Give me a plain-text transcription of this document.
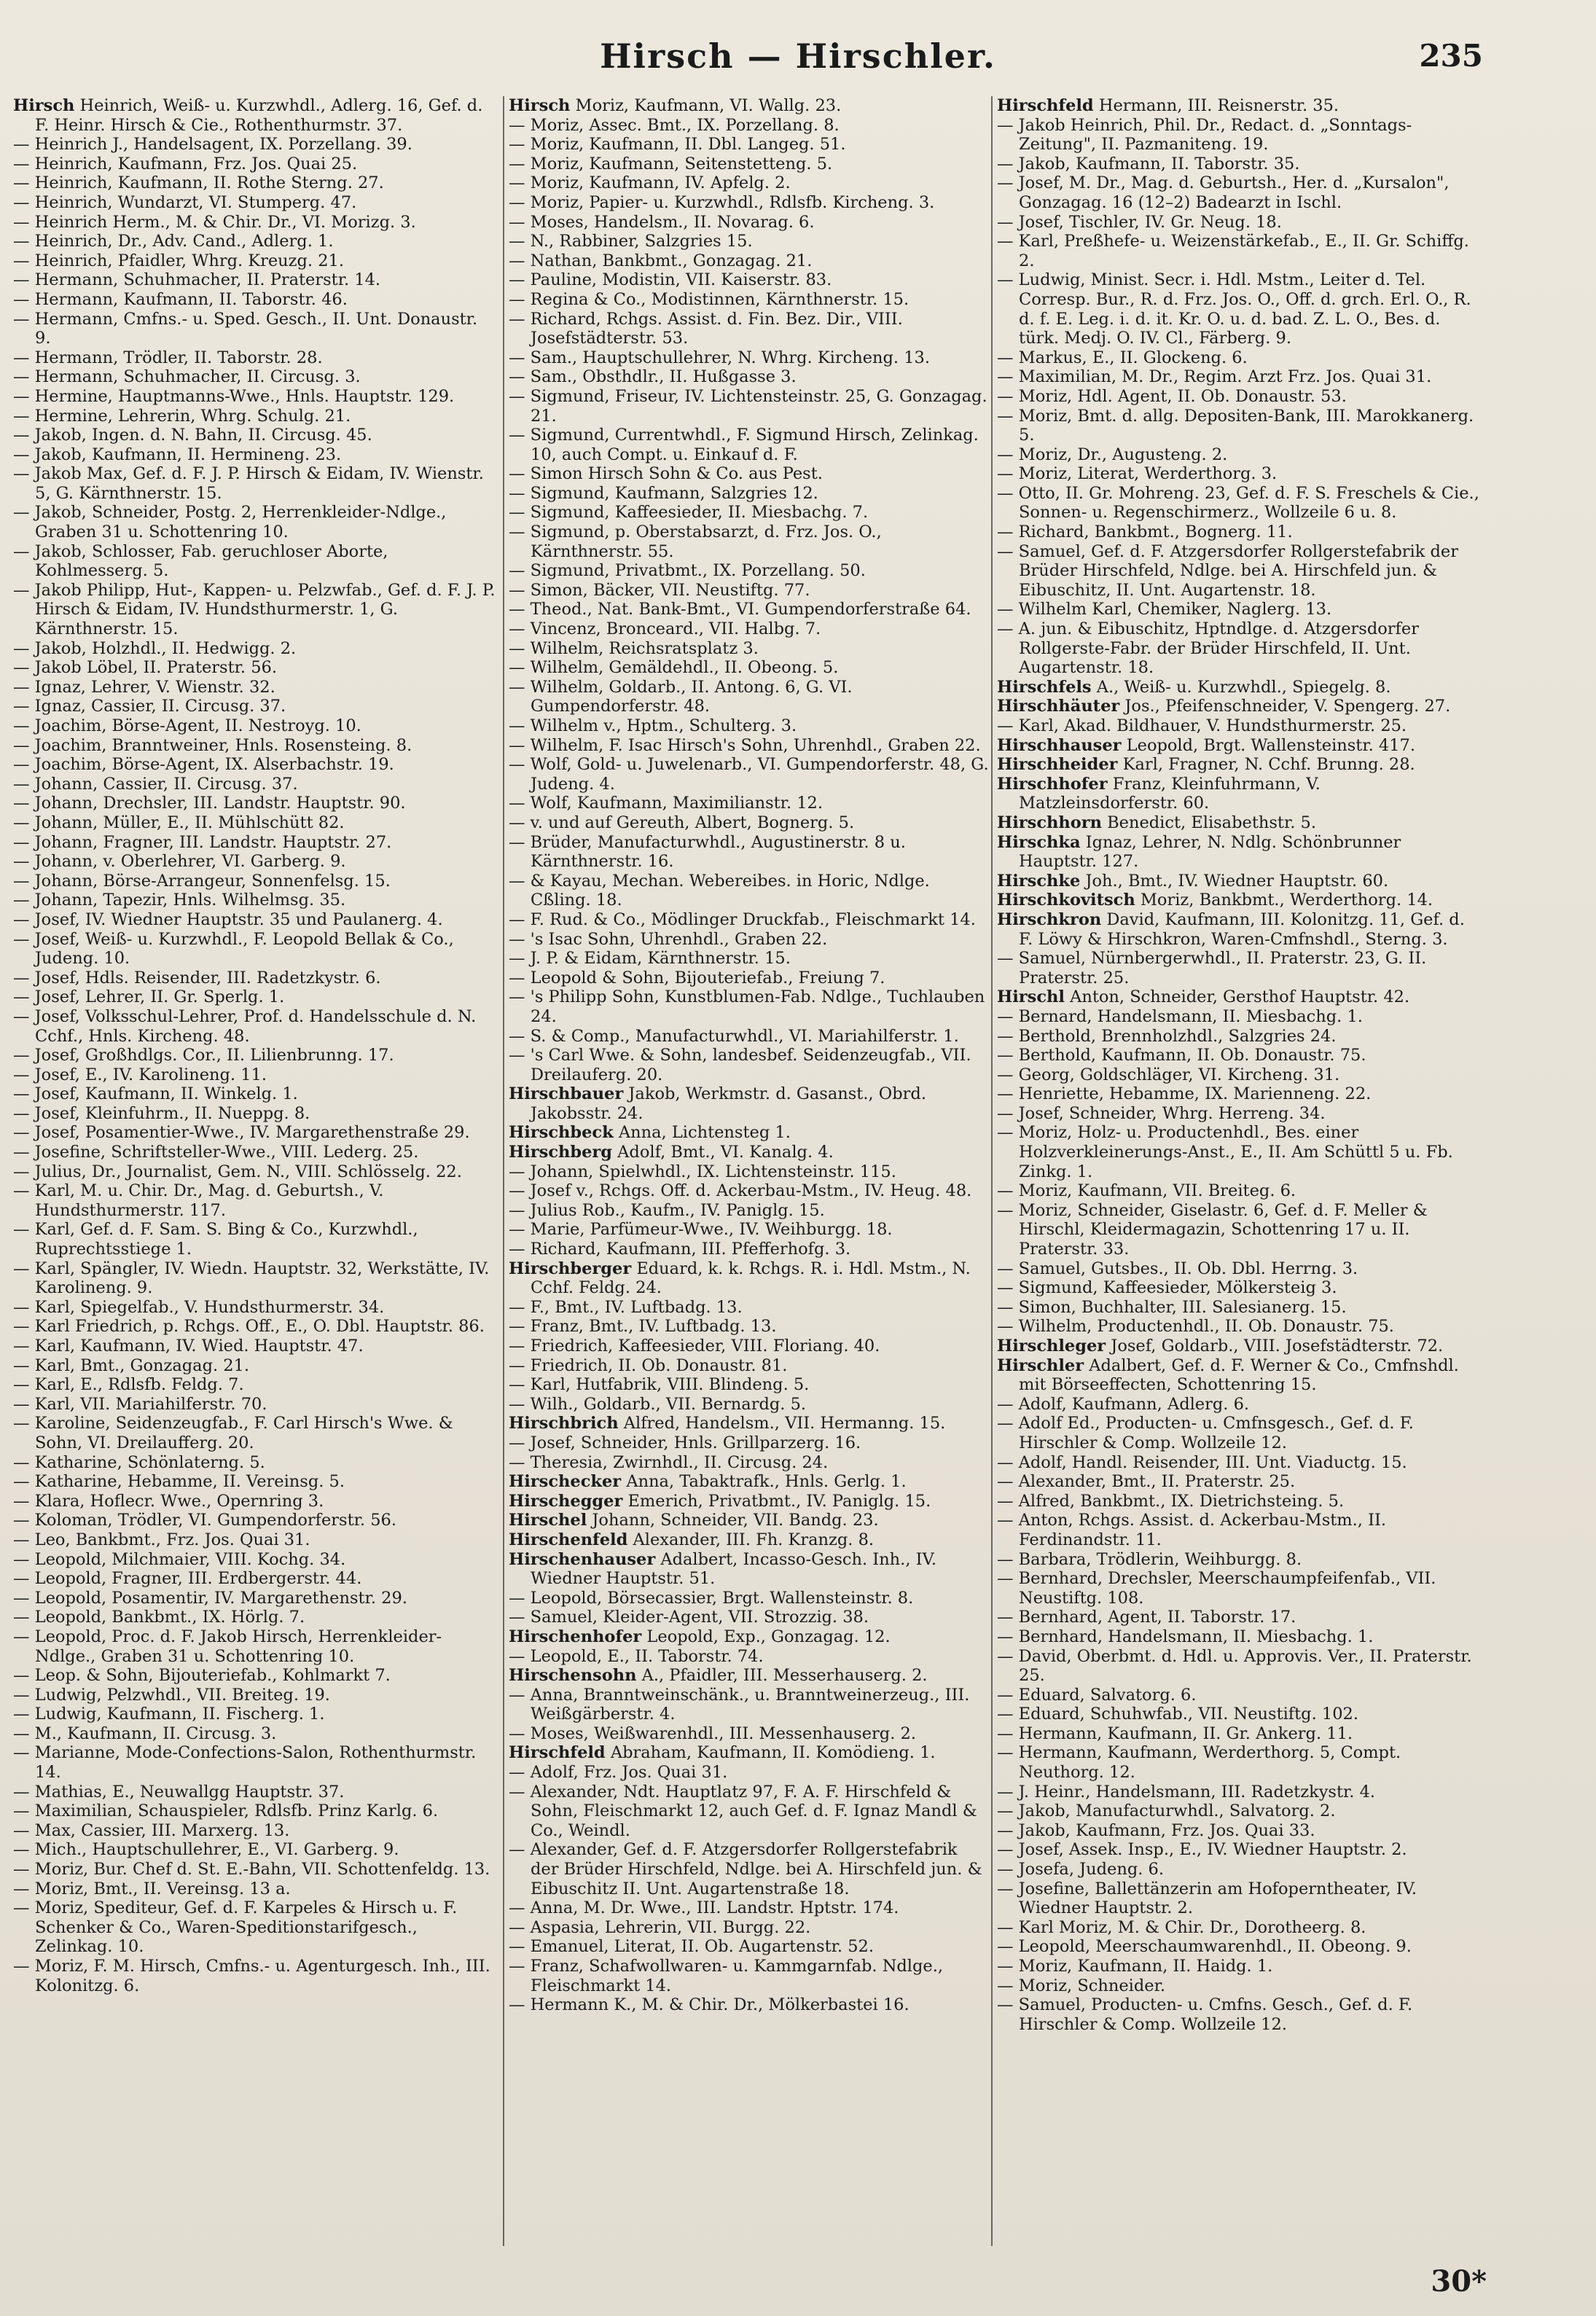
Hirsch — Hirschler.	235

Hirsch Heinrich, Weiß- u. Kurzwhdl., Adlerg. 16, Gef. d. F. Heinr. Hirsch & Cie., Rothenthurmstr. 37.

— Heinrich J., Handelsagent, IX. Porzellang. 39.

— Heinrich, Kaufmann, Frz. Jos. Quai 25.

— Heinrich, Kaufmann, II. Rothe Sterng. 27.

— Heinrich, Wundarzt, VI. Stumperg. 47.

— Heinrich Herm., M. & Chir. Dr., VI. Morizg. 3.

— Heinrich, Dr., Adv. Cand., Adlerg. 1.

— Heinrich, Pfaidler, Whrg. Kreuzg. 21.

— Hermann, Schuhmacher, II. Praterstr. 14.

— Hermann, Kaufmann, II. Taborstr. 46.

— Hermann, Cmfns.- u. Sped. Gesch., II. Unt. Donaustr. 9.

— Hermann, Trödler, II. Taborstr. 28.

— Hermann, Schuhmacher, II. Circusg. 3.

— Hermine, Hauptmanns-Wwe., Hnls. Hauptstr. 129.

— Hermine, Lehrerin, Whrg. Schulg. 21.

— Jakob, Ingen. d. N. Bahn, II. Circusg. 45.

— Jakob, Kaufmann, II. Hermineng. 23.

— Jakob Max, Gef. d. F. J. P. Hirsch & Eidam, IV. Wienstr. 5, G. Kärnthnerstr. 15.

— Jakob, Schneider, Postg. 2, Herrenkleider-Ndlge., Graben 31 u. Schottenring 10.

— Jakob, Schlosser, Fab. geruchloser Aborte, Kohlmesserg. 5.

— Jakob Philipp, Hut-, Kappen- u. Pelzwfab., Gef. d. F. J. P. Hirsch & Eidam, IV. Hundsthurmerstr. 1, G. Kärnthnerstr. 15.

— Jakob, Holzhdl., II. Hedwigg. 2.

— Jakob Löbel, II. Praterstr. 56.

— Ignaz, Lehrer, V. Wienstr. 32.

— Ignaz, Cassier, II. Circusg. 37.

— Joachim, Börse-Agent, II. Nestroyg. 10.

— Joachim, Branntweiner, Hnls. Rosensteing. 8.

— Joachim, Börse-Agent, IX. Alserbachstr. 19.

— Johann, Cassier, II. Circusg. 37.

— Johann, Drechsler, III. Landstr. Hauptstr. 90.

— Johann, Müller, E., II. Mühlschütt 82.

— Johann, Fragner, III. Landstr. Hauptstr. 27.

— Johann, v. Oberlehrer, VI. Garberg. 9.

— Johann, Börse-Arrangeur, Sonnenfelsg. 15.

— Johann, Tapezir, Hnls. Wilhelmsg. 35.

— Josef, IV. Wiedner Hauptstr. 35 und Paulanerg. 4.

— Josef, Weiß- u. Kurzwhdl., F. Leopold Bellak & Co., Judeng. 10.

— Josef, Hdls. Reisender, III. Radetzkystr. 6.

— Josef, Lehrer, II. Gr. Sperlg. 1.

— Josef, Volksschul-Lehrer, Prof. d. Handelsschule d. N. Cchf., Hnls. Kircheng. 48.

— Josef, Großhdlgs. Cor., II. Lilienbrunng. 17.

— Josef, E., IV. Karolineng. 11.

— Josef, Kaufmann, II. Winkelg. 1.

— Josef, Kleinfuhrm., II. Nueppg. 8.

— Josef, Posamentier-Wwe., IV. Margarethenstraße 29.

— Josefine, Schriftsteller-Wwe., VIII. Lederg. 25.

— Julius, Dr., Journalist, Gem. N., VIII. Schlösselg. 22.

— Karl, M. u. Chir. Dr., Mag. d. Geburtsh., V. Hundsthurmerstr. 117.

— Karl, Gef. d. F. Sam. S. Bing & Co., Kurzwhdl., Ruprechtsstiege 1.

— Karl, Spängler, IV. Wiedn. Hauptstr. 32, Werkstätte, IV. Karolineng. 9.

— Karl, Spiegelfab., V. Hundsthurmerstr. 34.

— Karl Friedrich, p. Rchgs. Off., E., O. Dbl. Hauptstr. 86.

— Karl, Kaufmann, IV. Wied. Hauptstr. 47.

— Karl, Bmt., Gonzagag. 21.

— Karl, E., Rdlsfb. Feldg. 7.

— Karl, VII. Mariahilferstr. 70.

— Karoline, Seidenzeugfab., F. Carl Hirsch's Wwe. & Sohn, VI. Dreilaufferg. 20.

— Katharine, Schönlaterng. 5.

— Katharine, Hebamme, II. Vereinsg. 5.

— Klara, Hoflecr. Wwe., Opernring 3.

— Koloman, Trödler, VI. Gumpendorferstr. 56.

— Leo, Bankbmt., Frz. Jos. Quai 31.

— Leopold, Milchmaier, VIII. Kochg. 34.

— Leopold, Fragner, III. Erdbergerstr. 44.

— Leopold, Posamentir, IV. Margarethenstr. 29.

— Leopold, Bankbmt., IX. Hörlg. 7.

— Leopold, Proc. d. F. Jakob Hirsch, Herrenkleider-Ndlge., Graben 31 u. Schottenring 10.

— Leop. & Sohn, Bijouteriefab., Kohlmarkt 7.

— Ludwig, Pelzwhdl., VII. Breiteg. 19.

— Ludwig, Kaufmann, II. Fischerg. 1.

— M., Kaufmann, II. Circusg. 3.

— Marianne, Mode-Confections-Salon, Rothenthurmstr. 14.

— Mathias, E., Neuwallgg Hauptstr. 37.

— Maximilian, Schauspieler, Rdlsfb. Prinz Karlg. 6.

— Max, Cassier, III. Marxerg. 13.

— Mich., Hauptschullehrer, E., VI. Garberg. 9.

— Moriz, Bur. Chef d. St. E.-Bahn, VII. Schottenfeldg. 13.

— Moriz, Bmt., II. Vereinsg. 13 a.

— Moriz, Spediteur, Gef. d. F. Karpeles & Hirsch u. F. Schenker & Co., Waren-Speditionstarifgesch., Zelinkag. 10.

— Moriz, F. M. Hirsch, Cmfns.- u. Agenturgesch. Inh., III. Kolonitzg. 6.

Hirsch Moriz, Kaufmann, VI. Wallg. 23.

— Moriz, Assec. Bmt., IX. Porzellang. 8.

— Moriz, Kaufmann, II. Dbl. Langeg. 51.

— Moriz, Kaufmann, Seitenstetteng. 5.

— Moriz, Kaufmann, IV. Apfelg. 2.

— Moriz, Papier- u. Kurzwhdl., Rdlsfb. Kircheng. 3.

— Moses, Handelsm., II. Novarag. 6.

— N., Rabbiner, Salzgries 15.

— Nathan, Bankbmt., Gonzagag. 21.

— Pauline, Modistin, VII. Kaiserstr. 83.

— Regina & Co., Modistinnen, Kärnthnerstr. 15.

— Richard, Rchgs. Assist. d. Fin. Bez. Dir., VIII. Josefstädterstr. 53.

— Sam., Hauptschullehrer, N. Whrg. Kircheng. 13.

— Sam., Obsthdlr., II. Hußgasse 3.

— Sigmund, Friseur, IV. Lichtensteinstr. 25, G. Gonzagag. 21.

— Sigmund, Currentwhdl., F. Sigmund Hirsch, Zelinkag. 10, auch Compt. u. Einkauf d. F.

— Simon Hirsch Sohn & Co. aus Pest.

— Sigmund, Kaufmann, Salzgries 12.

— Sigmund, Kaffeesieder, II. Miesbachg. 7.

— Sigmund, p. Oberstabsarzt, d. Frz. Jos. O., Kärnthnerstr. 55.

— Sigmund, Privatbmt., IX. Porzellang. 50.

— Simon, Bäcker, VII. Neustiftg. 77.

— Theod., Nat. Bank-Bmt., VI. Gumpendorferstraße 64.

— Vincenz, Bronceard., VII. Halbg. 7.

— Wilhelm, Reichsratsplatz 3.

— Wilhelm, Gemäldehdl., II. Obeong. 5.

— Wilhelm, Goldarb., II. Antong. 6, G. VI. Gumpendorferstr. 48.

— Wilhelm v., Hptm., Schulterg. 3.

— Wilhelm, F. Isac Hirsch's Sohn, Uhrenhdl., Graben 22.

— Wolf, Gold- u. Juwelenarb., VI. Gumpendorferstr. 48, G. Judeng. 4.

— Wolf, Kaufmann, Maximilianstr. 12.

— v. und auf Gereuth, Albert, Bognerg. 5.

— Brüder, Manufacturwhdl., Augustinerstr. 8 u. Kärnthnerstr. 16.

— & Kayau, Mechan. Webereibes. in Horic, Ndlge. Cßling. 18.

— F. Rud. & Co., Mödlinger Druckfab., Fleischmarkt 14.

— 's Isac Sohn, Uhrenhdl., Graben 22.

— J. P. & Eidam, Kärnthnerstr. 15.

— Leopold & Sohn, Bijouteriefab., Freiung 7.

— 's Philipp Sohn, Kunstblumen-Fab. Ndlge., Tuchlauben 24.

— S. & Comp., Manufacturwhdl., VI. Mariahilferstr. 1.

— 's Carl Wwe. & Sohn, landesbef. Seidenzeugfab., VII. Dreilauferg. 20.

Hirschbauer Jakob, Werkmstr. d. Gasanst., Obrd. Jakobsstr. 24.

Hirschbeck Anna, Lichtensteg 1.

Hirschberg Adolf, Bmt., VI. Kanalg. 4.

— Johann, Spielwhdl., IX. Lichtensteinstr. 115.

— Josef v., Rchgs. Off. d. Ackerbau-Mstm., IV. Heug. 48.

— Julius Rob., Kaufm., IV. Paniglg. 15.

— Marie, Parfümeur-Wwe., IV. Weihburgg. 18.

— Richard, Kaufmann, III. Pfefferhofg. 3.

Hirschberger Eduard, k. k. Rchgs. R. i. Hdl. Mstm., N. Cchf. Feldg. 24.

— F., Bmt., IV. Luftbadg. 13.

— Franz, Bmt., IV. Luftbadg. 13.

— Friedrich, Kaffeesieder, VIII. Floriang. 40.

— Friedrich, II. Ob. Donaustr. 81.

— Karl, Hutfabrik, VIII. Blindeng. 5.

— Wilh., Goldarb., VII. Bernardg. 5.

Hirschbrich Alfred, Handelsm., VII. Hermanng. 15.

— Josef, Schneider, Hnls. Grillparzerg. 16.

— Theresia, Zwirnhdl., II. Circusg. 24.

Hirschecker Anna, Tabaktrafk., Hnls. Gerlg. 1.

Hirschegger Emerich, Privatbmt., IV. Paniglg. 15.

Hirschel Johann, Schneider, VII. Bandg. 23.

Hirschenfeld Alexander, III. Fh. Kranzg. 8.

Hirschenhauser Adalbert, Incasso-Gesch. Inh., IV. Wiedner Hauptstr. 51.

— Leopold, Börsecassier, Brgt. Wallensteinstr. 8.

— Samuel, Kleider-Agent, VII. Strozzig. 38.

Hirschenhofer Leopold, Exp., Gonzagag. 12.

— Leopold, E., II. Taborstr. 74.

Hirschensohn A., Pfaidler, III. Messerhauserg. 2.

— Anna, Branntweinschänk., u. Branntweinerzeug., III. Weißgärberstr. 4.

— Moses, Weißwarenhdl., III. Messenhauserg. 2.

Hirschfeld Abraham, Kaufmann, II. Komödieng. 1.

— Adolf, Frz. Jos. Quai 31.

— Alexander, Ndt. Hauptlatz 97, F. A. F. Hirschfeld & Sohn, Fleischmarkt 12, auch Gef. d. F. Ignaz Mandl & Co., Weindl.

— Alexander, Gef. d. F. Atzgersdorfer Rollgerstefabrik der Brüder Hirschfeld, Ndlge. bei A. Hirschfeld jun. & Eibuschitz II. Unt. Augartenstraße 18.

— Anna, M. Dr. Wwe., III. Landstr. Hptstr. 174.

— Aspasia, Lehrerin, VII. Burgg. 22.

— Emanuel, Literat, II. Ob. Augartenstr. 52.

— Franz, Schafwollwaren- u. Kammgarnfab. Ndlge., Fleischmarkt 14.

— Hermann K., M. & Chir. Dr., Mölkerbastei 16.

Hirschfeld Hermann, III. Reisnerstr. 35.

— Jakob Heinrich, Phil. Dr., Redact. d. „Sonntags-Zeitung", II. Pazmaniteng. 19.

— Jakob, Kaufmann, II. Taborstr. 35.

— Josef, M. Dr., Mag. d. Geburtsh., Her. d. „Kursalon", Gonzagag. 16 (12–2) Badearzt in Ischl.

— Josef, Tischler, IV. Gr. Neug. 18.

— Karl, Preßhefe- u. Weizenstärkefab., E., II. Gr. Schiffg. 2.

— Ludwig, Minist. Secr. i. Hdl. Mstm., Leiter d. Tel. Corresp. Bur., R. d. Frz. Jos. O., Off. d. grch. Erl. O., R. d. f. E. Leg. i. d. it. Kr. O. u. d. bad. Z. L. O., Bes. d. türk. Medj. O. IV. Cl., Färberg. 9.

— Markus, E., II. Glockeng. 6.

— Maximilian, M. Dr., Regim. Arzt Frz. Jos. Quai 31.

— Moriz, Hdl. Agent, II. Ob. Donaustr. 53.

— Moriz, Bmt. d. allg. Depositen-Bank, III. Marokkanerg. 5.

— Moriz, Dr., Augusteng. 2.

— Moriz, Literat, Werderthorg. 3.

— Otto, II. Gr. Mohreng. 23, Gef. d. F. S. Freschels & Cie., Sonnen- u. Regenschirmerz., Wollzeile 6 u. 8.

— Richard, Bankbmt., Bognerg. 11.

— Samuel, Gef. d. F. Atzgersdorfer Rollgerstefabrik der Brüder Hirschfeld, Ndlge. bei A. Hirschfeld jun. & Eibuschitz, II. Unt. Augartenstr. 18.

— Wilhelm Karl, Chemiker, Naglerg. 13.

— A. jun. & Eibuschitz, Hptndlge. d. Atzgersdorfer Rollgerste-Fabr. der Brüder Hirschfeld, II. Unt. Augartenstr. 18.

Hirschfels A., Weiß- u. Kurzwhdl., Spiegelg. 8.

Hirschhäuter Jos., Pfeifenschneider, V. Spengerg. 27.

— Karl, Akad. Bildhauer, V. Hundsthurmerstr. 25.

Hirschhauser Leopold, Brgt. Wallensteinstr. 417.

Hirschheider Karl, Fragner, N. Cchf. Brunng. 28.

Hirschhofer Franz, Kleinfuhrmann, V. Matzleinsdorferstr. 60.

Hirschhorn Benedict, Elisabethstr. 5.

Hirschka Ignaz, Lehrer, N. Ndlg. Schönbrunner Hauptstr. 127.

Hirschke Joh., Bmt., IV. Wiedner Hauptstr. 60.

Hirschkovitsch Moriz, Bankbmt., Werderthorg. 14.

Hirschkron David, Kaufmann, III. Kolonitzg. 11, Gef. d. F. Löwy & Hirschkron, Waren-Cmfnshdl., Sterng. 3.

— Samuel, Nürnbergerwhdl., II. Praterstr. 23, G. II. Praterstr. 25.

Hirschl Anton, Schneider, Gersthof Hauptstr. 42.

— Bernard, Handelsmann, II. Miesbachg. 1.

— Berthold, Brennholzhdl., Salzgries 24.

— Berthold, Kaufmann, II. Ob. Donaustr. 75.

— Georg, Goldschläger, VI. Kircheng. 31.

— Henriette, Hebamme, IX. Marienneng. 22.

— Josef, Schneider, Whrg. Herreng. 34.

— Moriz, Holz- u. Productenhdl., Bes. einer Holzverkleinerungs-Anst., E., II. Am Schüttl 5 u. Fb. Zinkg. 1.

— Moriz, Kaufmann, VII. Breiteg. 6.

— Moriz, Schneider, Giselastr. 6, Gef. d. F. Meller & Hirschl, Kleidermagazin, Schottenring 17 u. II. Praterstr. 33.

— Samuel, Gutsbes., II. Ob. Dbl. Herrng. 3.

— Sigmund, Kaffeesieder, Mölkersteig 3.

— Simon, Buchhalter, III. Salesianerg. 15.

— Wilhelm, Productenhdl., II. Ob. Donaustr. 75.

Hirschleger Josef, Goldarb., VIII. Josefstädterstr. 72.

Hirschler Adalbert, Gef. d. F. Werner & Co., Cmfnshdl. mit Börseeffecten, Schottenring 15.

— Adolf, Kaufmann, Adlerg. 6.

— Adolf Ed., Producten- u. Cmfnsgesch., Gef. d. F. Hirschler & Comp. Wollzeile 12.

— Adolf, Handl. Reisender, III. Unt. Viaductg. 15.

— Alexander, Bmt., II. Praterstr. 25.

— Alfred, Bankbmt., IX. Dietrichsteing. 5.

— Anton, Rchgs. Assist. d. Ackerbau-Mstm., II. Ferdinandstr. 11.

— Barbara, Trödlerin, Weihburgg. 8.

— Bernhard, Drechsler, Meerschaumpfeifenfab., VII. Neustiftg. 108.

— Bernhard, Agent, II. Taborstr. 17.

— Bernhard, Handelsmann, II. Miesbachg. 1.

— David, Oberbmt. d. Hdl. u. Approvis. Ver., II. Praterstr. 25.

— Eduard, Salvatorg. 6.

— Eduard, Schuhwfab., VII. Neustiftg. 102.

— Hermann, Kaufmann, II. Gr. Ankerg. 11.

— Hermann, Kaufmann, Werderthorg. 5, Compt. Neuthorg. 12.

— J. Heinr., Handelsmann, III. Radetzkystr. 4.

— Jakob, Manufacturwhdl., Salvatorg. 2.

— Jakob, Kaufmann, Frz. Jos. Quai 33.

— Josef, Assek. Insp., E., IV. Wiedner Hauptstr. 2.

— Josefa, Judeng. 6.

— Josefine, Ballettänzerin am Hofoperntheater, IV. Wiedner Hauptstr. 2.

— Karl Moriz, M. & Chir. Dr., Dorotheerg. 8.

— Leopold, Meerschaumwarenhdl., II. Obeong. 9.

— Moriz, Kaufmann, II. Haidg. 1.

— Moriz, Schneider.

— Samuel, Producten- u. Cmfns. Gesch., Gef. d. F. Hirschler & Comp. Wollzeile 12.

30*
